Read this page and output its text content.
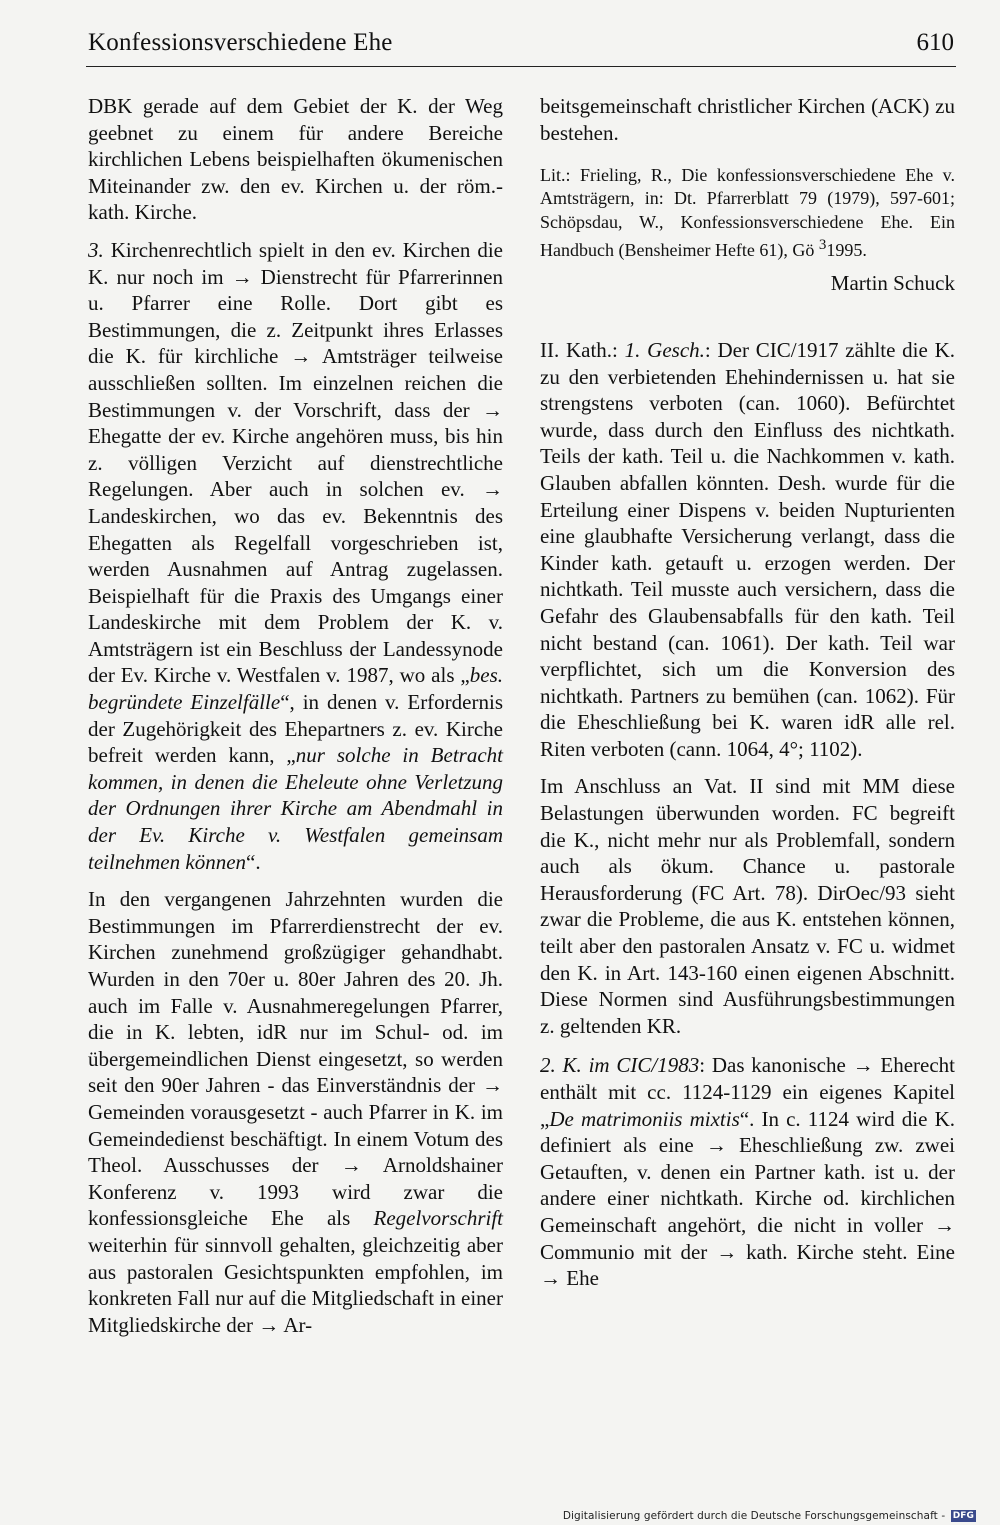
Konfessionsverschiedene Ehe	610

DBK gerade auf dem Gebiet der K. der Weg geebnet zu einem für andere Bereiche kirchlichen Lebens beispielhaften ökumenischen Miteinander zw. den ev. Kirchen u. der röm.-kath. Kirche.

3. Kirchenrechtlich spielt in den ev. Kirchen die K. nur noch im → Dienstrecht für Pfarrerinnen u. Pfarrer eine Rolle. Dort gibt es Bestimmungen, die z. Zeitpunkt ihres Erlasses die K. für kirchliche → Amtsträger teilweise ausschließen sollten. Im einzelnen reichen die Bestimmungen v. der Vorschrift, dass der → Ehegatte der ev. Kirche angehören muss, bis hin z. völligen Verzicht auf dienstrechtliche Regelungen. Aber auch in solchen ev. → Landeskirchen, wo das ev. Bekenntnis des Ehegatten als Regelfall vorgeschrieben ist, werden Ausnahmen auf Antrag zugelassen. Beispielhaft für die Praxis des Umgangs einer Landeskirche mit dem Problem der K. v. Amtsträgern ist ein Beschluss der Landessynode der Ev. Kirche v. Westfalen v. 1987, wo als „bes. begründete Einzelfälle“, in denen v. Erfordernis der Zugehörigkeit des Ehepartners z. ev. Kirche befreit werden kann, „nur solche in Betracht kommen, in denen die Eheleute ohne Verletzung der Ordnungen ihrer Kirche am Abendmahl in der Ev. Kirche v. Westfalen gemeinsam teilnehmen können“.

In den vergangenen Jahrzehnten wurden die Bestimmungen im Pfarrerdienstrecht der ev. Kirchen zunehmend großzügiger gehandhabt. Wurden in den 70er u. 80er Jahren des 20. Jh. auch im Falle v. Ausnahmeregelungen Pfarrer, die in K. lebten, idR nur im Schul- od. im übergemeindlichen Dienst eingesetzt, so werden seit den 90er Jahren - das Einverständnis der → Gemeinden vorausgesetzt - auch Pfarrer in K. im Gemeindedienst beschäftigt. In einem Votum des Theol. Ausschusses der → Arnoldshainer Konferenz v. 1993 wird zwar die konfessionsgleiche Ehe als Regelvorschrift weiterhin für sinnvoll gehalten, gleichzeitig aber aus pastoralen Gesichtspunkten empfohlen, im konkreten Fall nur auf die Mitgliedschaft in einer Mitgliedskirche der → Ar-

beitsgemeinschaft christlicher Kirchen (ACK) zu bestehen.

Lit.: Frieling, R., Die konfessionsverschiedene Ehe v. Amtsträgern, in: Dt. Pfarrerblatt 79 (1979), 597-601; Schöpsdau, W., Konfessionsverschiedene Ehe. Ein Handbuch (Bensheimer Hefte 61), Gö $^3$1995.

Martin Schuck

II. Kath.: 1. Gesch.: Der CIC/1917 zählte die K. zu den verbietenden Ehehindernissen u. hat sie strengstens verboten (can. 1060). Befürchtet wurde, dass durch den Einfluss des nichtkath. Teils der kath. Teil u. die Nachkommen v. kath. Glauben abfallen könnten. Desh. wurde für die Erteilung einer Dispens v. beiden Nupturienten eine glaubhafte Versicherung verlangt, dass die Kinder kath. getauft u. erzogen werden. Der nichtkath. Teil musste auch versichern, dass die Gefahr des Glaubensabfalls für den kath. Teil nicht bestand (can. 1061). Der kath. Teil war verpflichtet, sich um die Konversion des nichtkath. Partners zu bemühen (can. 1062). Für die Eheschließung bei K. waren idR alle rel. Riten verboten (cann. 1064, 4°; 1102).

Im Anschluss an Vat. II sind mit MM diese Belastungen überwunden worden. FC begreift die K., nicht mehr nur als Problemfall, sondern auch als ökum. Chance u. pastorale Herausforderung (FC Art. 78). DirOec/93 sieht zwar die Probleme, die aus K. entstehen können, teilt aber den pastoralen Ansatz v. FC u. widmet den K. in Art. 143-160 einen eigenen Abschnitt. Diese Normen sind Ausführungsbestimmungen z. geltenden KR.

2. K. im CIC/1983: Das kanonische → Eherecht enthält mit cc. 1124-1129 ein eigenes Kapitel „De matrimoniis mixtis“. In c. 1124 wird die K. definiert als eine → Eheschließung zw. zwei Getauften, v. denen ein Partner kath. ist u. der andere einer nichtkath. Kirche od. kirchlichen Gemeinschaft angehört, die nicht in voller → Communio mit der → kath. Kirche steht. Eine → Ehe

Digitalisierung gefördert durch die Deutsche Forschungsgemeinschaft - DFG
